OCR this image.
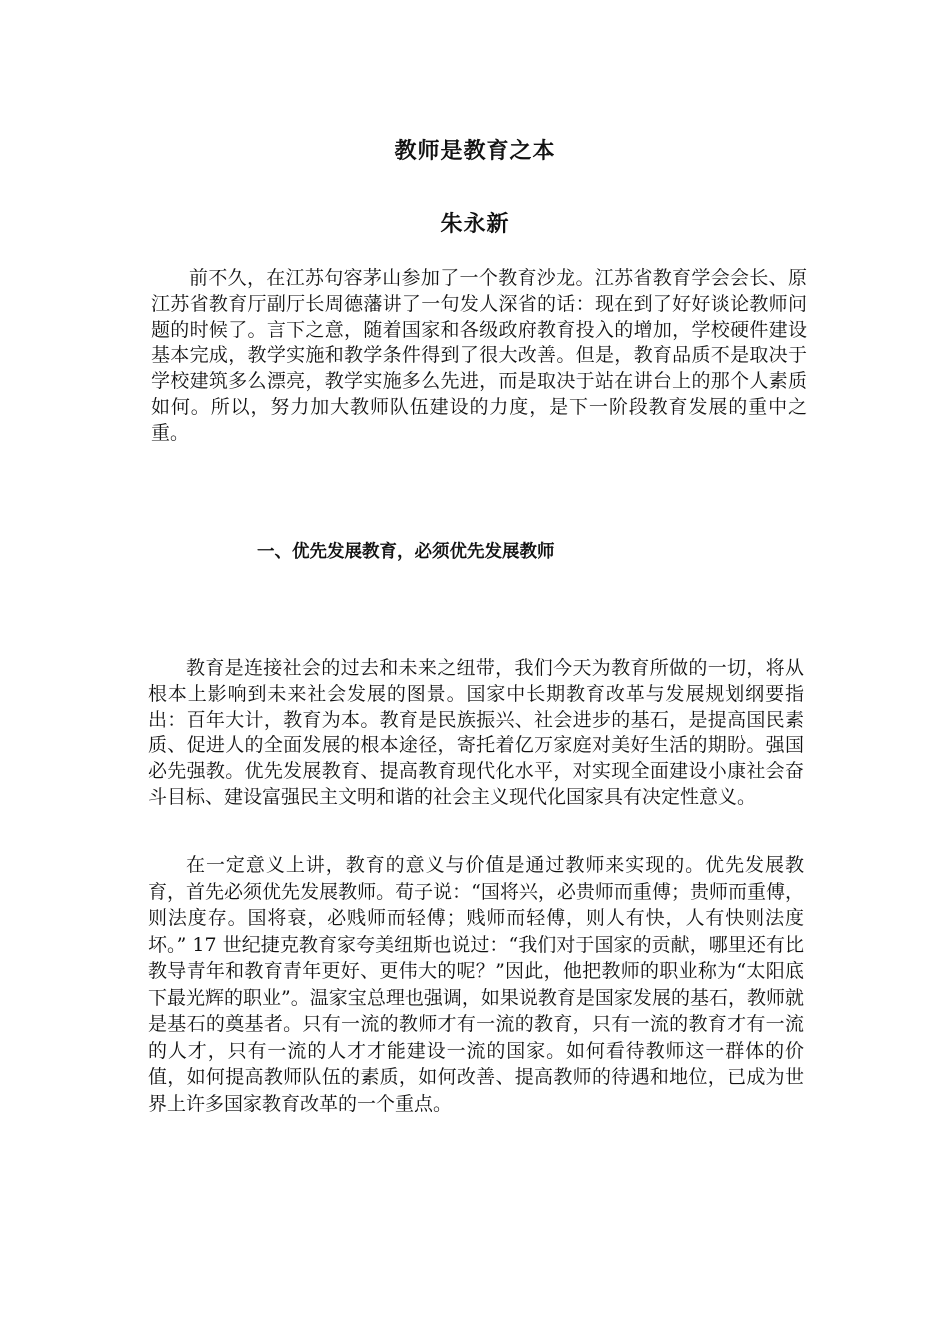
教师是教育之本
朱永新

前不久，在江苏句容茅山参加了一个教育沙龙。江苏省教育学会会长、原江苏省教育厅副厅长周德藩讲了一句发人深省的话：现在到了好好谈论教师问题的时候了。言下之意，随着国家和各级政府教育投入的增加，学校硬件建设基本完成，教学实施和教学条件得到了很大改善。但是，教育品质不是取决于学校建筑多么漂亮，教学实施多么先进，而是取决于站在讲台上的那个人素质如何。所以，努力加大教师队伍建设的力度，是下一阶段教育发展的重中之重。

一、优先发展教育，必须优先发展教师

教育是连接社会的过去和未来之纽带，我们今天为教育所做的一切，将从根本上影响到未来社会发展的图景。国家中长期教育改革与发展规划纲要指出：百年大计，教育为本。教育是民族振兴、社会进步的基石，是提高国民素质、促进人的全面发展的根本途径，寄托着亿万家庭对美好生活的期盼。强国必先强教。优先发展教育、提高教育现代化水平，对实现全面建设小康社会奋斗目标、建设富强民主文明和谐的社会主义现代化国家具有决定性意义。

在一定意义上讲，教育的意义与价值是通过教师来实现的。优先发展教育，首先必须优先发展教师。荀子说：“国将兴，必贵师而重傅；贵师而重傅，则法度存。国将衰，必贱师而轻傅；贱师而轻傅，则人有快，人有快则法度坏。” 17 世纪捷克教育家夸美纽斯也说过：“我们对于国家的贡献，哪里还有比教导青年和教育青年更好、更伟大的呢？”因此，他把教师的职业称为“太阳底下最光辉的职业”。温家宝总理也强调，如果说教育是国家发展的基石，教师就是基石的奠基者。只有一流的教师才有一流的教育，只有一流的教育才有一流的人才，只有一流的人才才能建设一流的国家。如何看待教师这一群体的价值，如何提高教师队伍的素质，如何改善、提高教师的待遇和地位，已成为世界上许多国家教育改革的一个重点。
